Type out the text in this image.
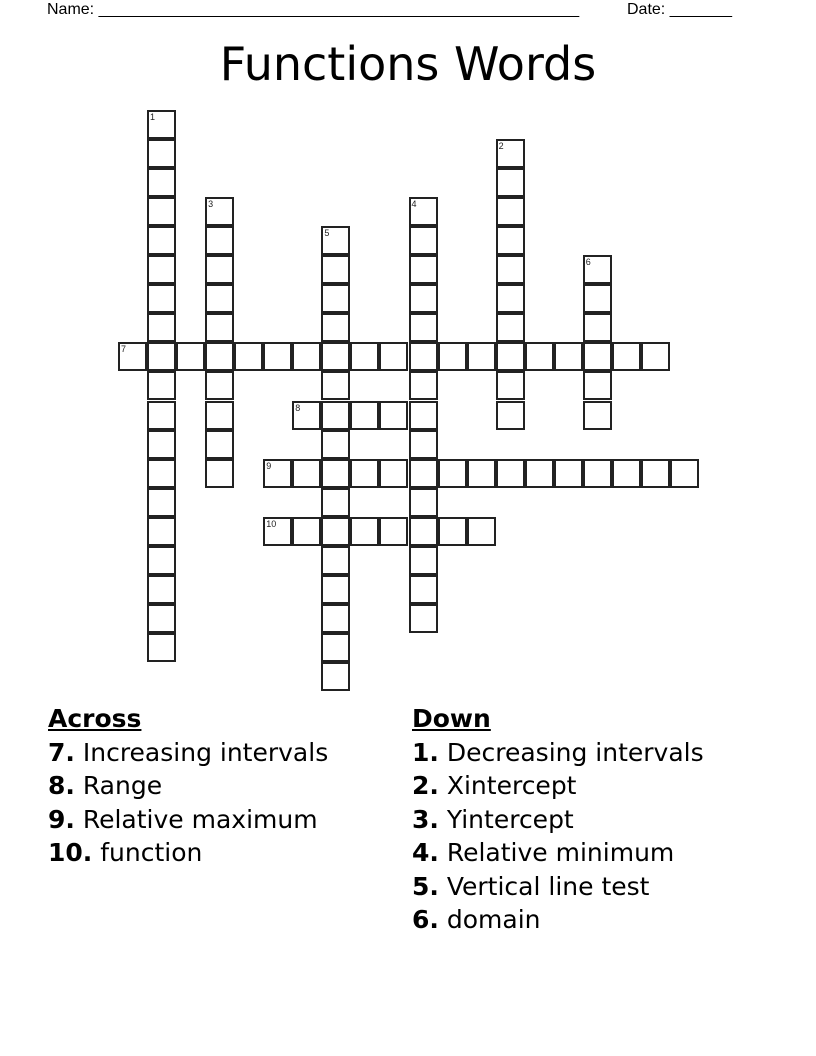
Name: ______________________________________________________	Date: _______
Functions Words
1
2
3	4
5
6
7
8
9
10
Across
7. Increasing intervals
8. Range
9. Relative maximum
10. function
Down
1. Decreasing intervals
2. Xintercept
3. Yintercept
4. Relative minimum
5. Vertical line test
6. domain
